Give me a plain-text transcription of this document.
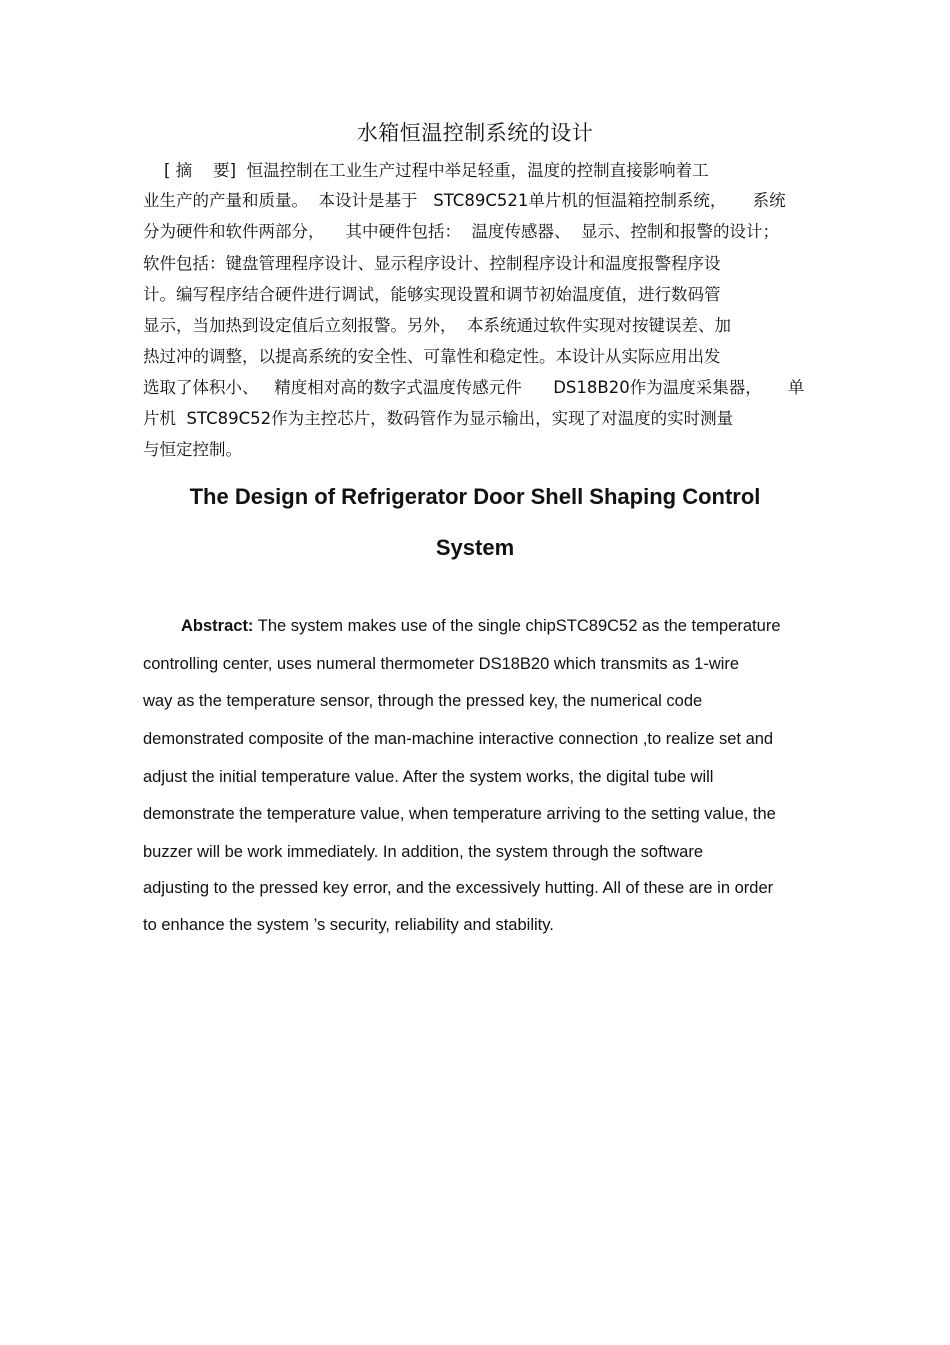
水箱恒温控制系统的设计
[ 摘    要]  恒温控制在工业生产过程中举足轻重，温度的控制直接影响着工
业生产的产量和质量。  本设计是基于   STC89C521单片机的恒温箱控制系统，     系统
分为硬件和软件两部分，    其中硬件包括：  温度传感器、  显示、控制和报警的设计；
软件包括：键盘管理程序设计、显示程序设计、控制程序设计和温度报警程序设
计。编写程序结合硬件进行调试，能够实现设置和调节初始温度值，进行数码管
显示，当加热到设定值后立刻报警。另外，  本系统通过软件实现对按键误差、加
热过冲的调整，以提高系统的安全性、可靠性和稳定性。本设计从实际应用出发
选取了体积小、   精度相对高的数字式温度传感元件      DS18B20作为温度采集器，     单
片机  STC89C52作为主控芯片，数码管作为显示输出，实现了对温度的实时测量
与恒定控制。
The Design of Refrigerator Door Shell Shaping Control
System
Abstract: The system makes use of the single chipSTC89C52 as the temperature
controlling center, uses numeral thermometer DS18B20 which transmits as 1-wire
way as the temperature sensor, through the pressed key, the numerical code
demonstrated composite of the man-machine interactive connection ,to realize set and
adjust the initial temperature value. After the system works, the digital tube will
demonstrate the temperature value, when temperature arriving to the setting value, the
buzzer will be work immediately. In addition, the system through the software
adjusting to the pressed key error, and the excessively hutting. All of these are in order
to enhance the system ’s security, reliability and stability.
